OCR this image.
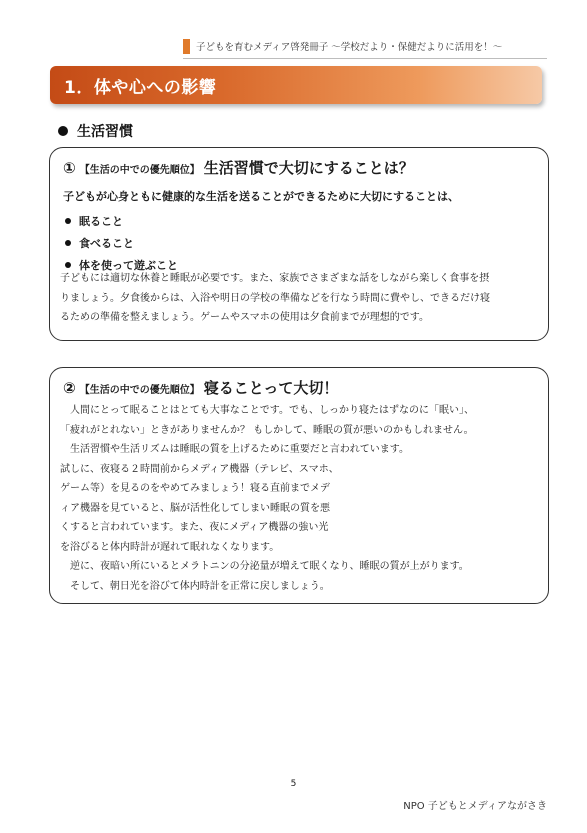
子どもを育むメディア啓発冊子 〜学校だより・保健だよりに活用を！〜
1．体や心への影響
生活習慣
① 【生活の中での優先順位】 生活習慣で大切にすることは？
子どもが心身ともに健康的な生活を送ることができるために大切にすることは、
眠ること
食べること
体を使って遊ぶこと

子どもには適切な休養と睡眠が必要です。また、家族でさまざまな話をしながら楽しく食事を摂

りましょう。夕食後からは、入浴や明日の学校の準備などを行なう時間に費やし、できるだけ寝

るための準備を整えましょう。ゲームやスマホの使用は夕食前までが理想的です。

② 【生活の中での優先順位】 寝ることって大切！

　人間にとって眠ることはとても大事なことです。でも、しっかり寝たはずなのに「眠い」、

「疲れがとれない」ときがありませんか？ もしかして、睡眠の質が悪いのかもしれません。

　生活習慣や生活リズムは睡眠の質を上げるために重要だと言われています。

試しに、夜寝る２時間前からメディア機器（テレビ、スマホ、

ゲーム等）を見るのをやめてみましょう！寝る直前までメデ

ィア機器を見ていると、脳が活性化してしまい睡眠の質を悪

くすると言われています。また、夜にメディア機器の強い光

を浴びると体内時計が遅れて眠れなくなります。

　逆に、夜暗い所にいるとメラトニンの分泌量が増えて眠くなり、睡眠の質が上がります。

　そして、朝日光を浴びて体内時計を正常に戻しましょう。

5
NPO 子どもとメディアながさき
